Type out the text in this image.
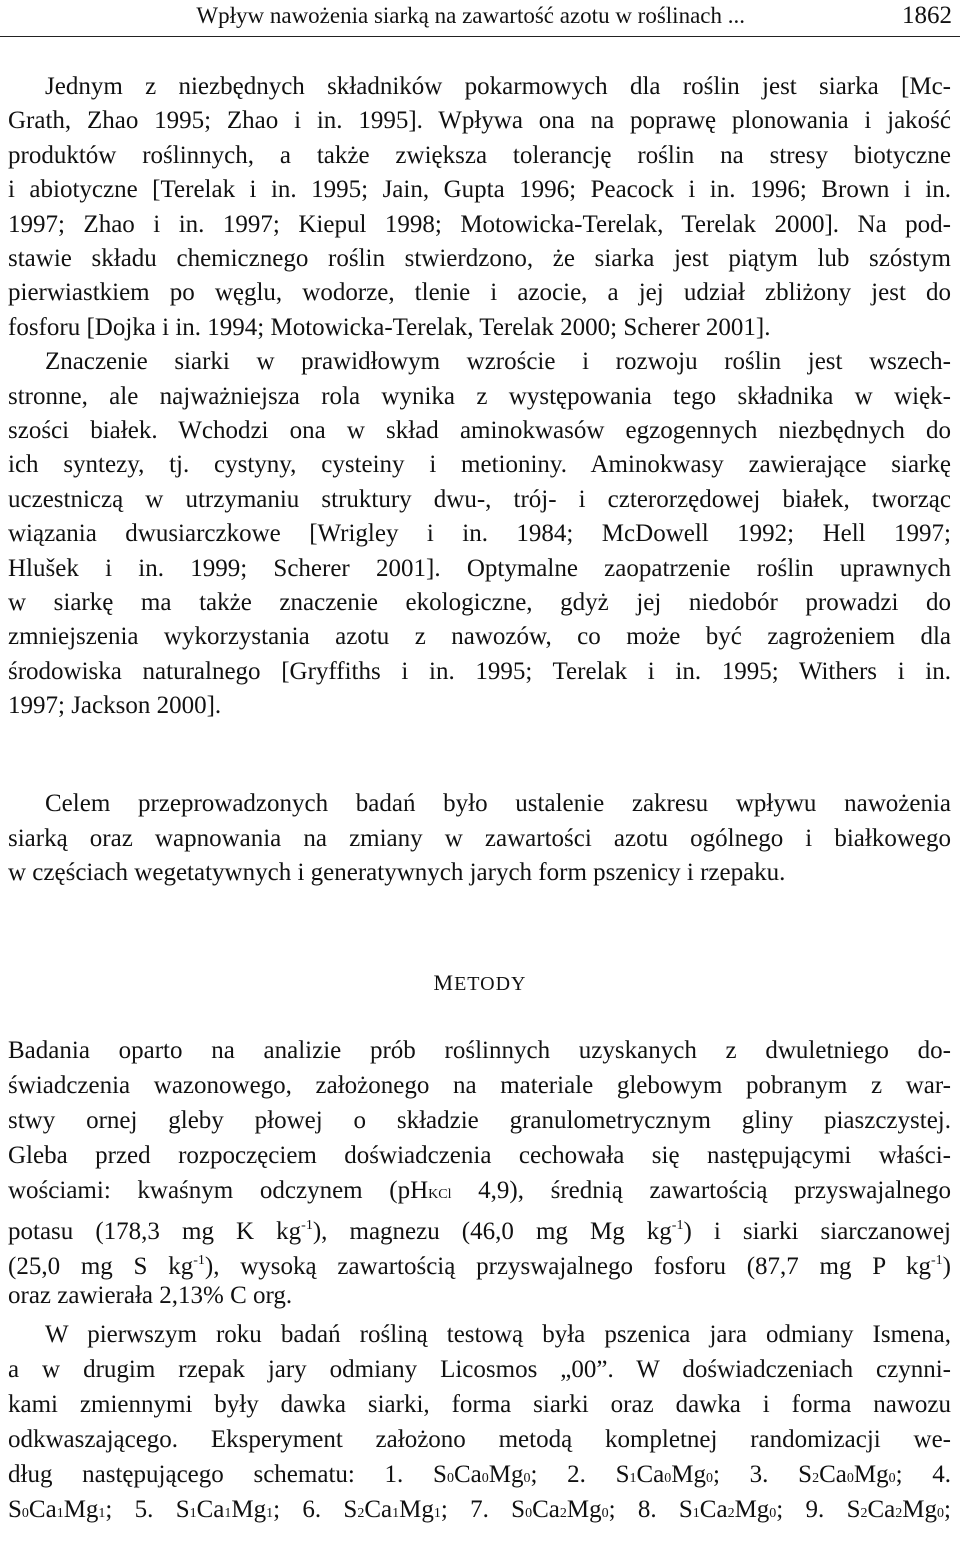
Wpływ nawożenia siarką na zawartość azotu w roślinach ...	1862
Jednym z niezbędnych składników pokarmowych dla roślin jest siarka [Mc-
Grath, Zhao 1995; Zhao i in. 1995]. Wpływa ona na poprawę plonowania i jakość
produktów roślinnych, a także zwiększa tolerancję roślin na stresy biotyczne
i abiotyczne [Terelak i in. 1995; Jain, Gupta 1996; Peacock i in. 1996; Brown i in.
1997; Zhao i in. 1997; Kiepul 1998; Motowicka-Terelak, Terelak 2000]. Na pod-
stawie składu chemicznego roślin stwierdzono, że siarka jest piątym lub szóstym
pierwiastkiem po węglu, wodorze, tlenie i azocie, a jej udział zbliżony jest do
fosforu [Dojka i in. 1994; Motowicka-Terelak, Terelak 2000; Scherer 2001].
Znaczenie siarki w prawidłowym wzroście i rozwoju roślin jest wszech-
stronne, ale najważniejsza rola wynika z występowania tego składnika w więk-
szości białek. Wchodzi ona w skład aminokwasów egzogennych niezbędnych do
ich syntezy, tj. cystyny, cysteiny i metioniny. Aminokwasy zawierające siarkę
uczestniczą w utrzymaniu struktury dwu-, trój- i czterorzędowej białek, tworząc
wiązania dwusiarczkowe [Wrigley i in. 1984; McDowell 1992; Hell 1997;
Hlušek i in. 1999; Scherer 2001]. Optymalne zaopatrzenie roślin uprawnych
w siarkę ma także znaczenie ekologiczne, gdyż jej niedobór prowadzi do
zmniejszenia wykorzystania azotu z nawozów, co może być zagrożeniem dla
środowiska naturalnego [Gryffiths i in. 1995; Terelak i in. 1995; Withers i in.
1997; Jackson 2000].
Celem przeprowadzonych badań było ustalenie zakresu wpływu nawożenia
siarką oraz wapnowania na zmiany w zawartości azotu ogólnego i białkowego
w częściach wegetatywnych i generatywnych jarych form pszenicy i rzepaku.
METODY
Badania oparto na analizie prób roślinnych uzyskanych z dwuletniego do-
świadczenia wazonowego, założonego na materiale glebowym pobranym z war-
stwy ornej gleby płowej o składzie granulometrycznym gliny piaszczystej.
Gleba przed rozpoczęciem doświadczenia cechowała się następującymi właści-
wościami: kwaśnym odczynem (pHKCl 4,9), średnią zawartością przyswajalnego
potasu (178,3 mg K $kg^{-1}$), magnezu (46,0 mg Mg $kg^{-1}$) i siarki siarczanowej
(25,0 mg S $kg^{-1}$), wysoką zawartością przyswajalnego fosforu (87,7 mg P $kg^{-1}$)
oraz zawierała 2,13% C org.
W pierwszym roku badań rośliną testową była pszenica jara odmiany Ismena,
a w drugim rzepak jary odmiany Licosmos „00”. W doświadczeniach czynni-
kami zmiennymi były dawka siarki, forma siarki oraz dawka i forma nawozu
odkwaszającego. Eksperyment założono metodą kompletnej randomizacji we-
dług następującego schematu: 1. S0Ca0Mg0; 2. S1Ca0Mg0; 3. S2Ca0Mg0; 4.
S0Ca1Mg1; 5. S1Ca1Mg1; 6. S2Ca1Mg1; 7. S0Ca2Mg0; 8. S1Ca2Mg0; 9. S2Ca2Mg0;
